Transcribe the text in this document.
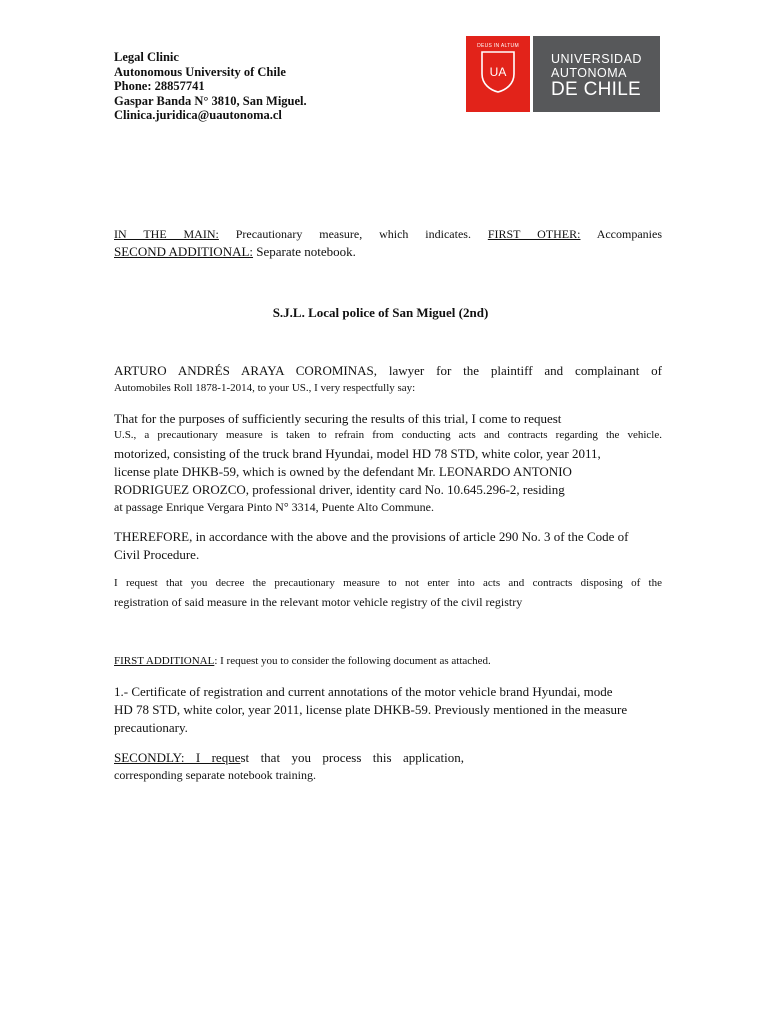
Legal Clinic
Autonomous University of Chile
Phone: 28857741
Gaspar Banda N° 3810, San Miguel.
Clinica.juridica@uautonoma.cl
DEUS IN ALTUM
UA
UNIVERSIDAD
AUTONOMA
DE CHILE
IN THE MAIN: Precautionary measure, which indicates. FIRST OTHER: Accompanies
SECOND ADDITIONAL: Separate notebook.
S.J.L. Local police of San Miguel (2nd)
ARTURO ANDRÉS ARAYA COROMINAS, lawyer for the plaintiff and complainant of
Automobiles Roll 1878-1-2014, to your US., I very respectfully say:
That for the purposes of sufficiently securing the results of this trial, I come to request
U.S., a precautionary measure is taken to refrain from conducting acts and contracts regarding the vehicle.
motorized, consisting of the truck brand Hyundai, model HD 78 STD, white color, year 2011,
license plate DHKB-59, which is owned by the defendant Mr. LEONARDO ANTONIO
RODRIGUEZ OROZCO, professional driver, identity card No. 10.645.296-2, residing
at passage Enrique Vergara Pinto N° 3314, Puente Alto Commune.
THEREFORE, in accordance with the above and the provisions of article 290 No. 3 of the Code of
Civil Procedure.
I request that you decree the precautionary measure to not enter into acts and contracts disposing of the
registration of said measure in the relevant motor vehicle registry of the civil registry
FIRST ADDITIONAL: I request you to consider the following document as attached.
1.- Certificate of registration and current annotations of the motor vehicle brand Hyundai, mode
HD 78 STD, white color, year 2011, license plate DHKB-59. Previously mentioned in the measure
precautionary.
SECONDLY: I request that you process this application,
corresponding separate notebook training.
